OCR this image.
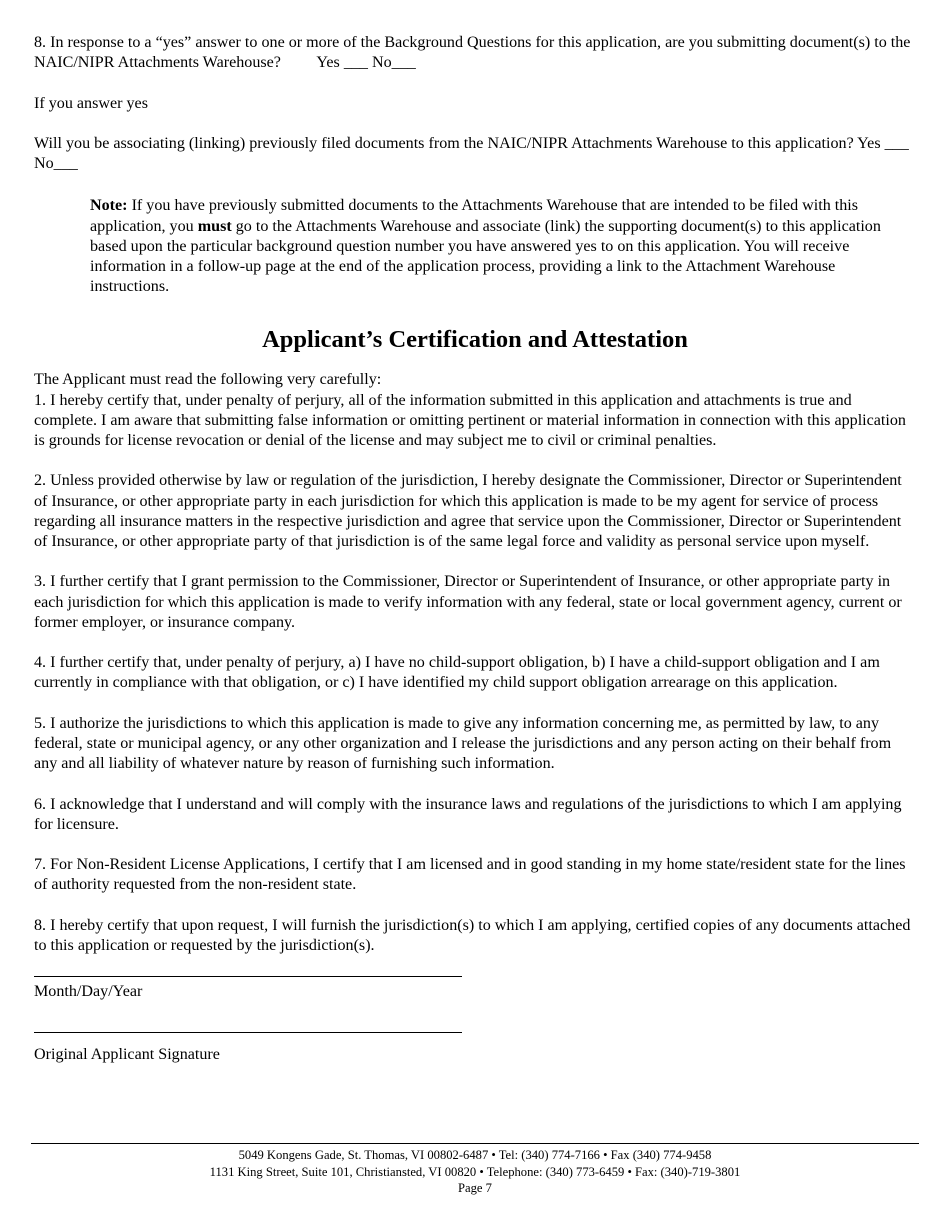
8. In response to a “yes” answer to one or more of the Background Questions for this application, are you submitting document(s) to the NAIC/NIPR Attachments Warehouse? Yes ___ No___

If you answer yes

Will you be associating (linking) previously filed documents from the NAIC/NIPR Attachments Warehouse to this application? Yes ___ No___

Note: If you have previously submitted documents to the Attachments Warehouse that are intended to be filed with this application, you must go to the Attachments Warehouse and associate (link) the supporting document(s) to this application based upon the particular background question number you have answered yes to on this application. You will receive information in a follow-up page at the end of the application process, providing a link to the Attachment Warehouse instructions.

Applicant’s Certification and Attestation

The Applicant must read the following very carefully:

1. I hereby certify that, under penalty of perjury, all of the information submitted in this application and attachments is true and complete. I am aware that submitting false information or omitting pertinent or material information in connection with this application is grounds for license revocation or denial of the license and may subject me to civil or criminal penalties.

2. Unless provided otherwise by law or regulation of the jurisdiction, I hereby designate the Commissioner, Director or Superintendent of Insurance, or other appropriate party in each jurisdiction for which this application is made to be my agent for service of process regarding all insurance matters in the respective jurisdiction and agree that service upon the Commissioner, Director or Superintendent of Insurance, or other appropriate party of that jurisdiction is of the same legal force and validity as personal service upon myself.

3. I further certify that I grant permission to the Commissioner, Director or Superintendent of Insurance, or other appropriate party in each jurisdiction for which this application is made to verify information with any federal, state or local government agency, current or former employer, or insurance company.

4. I further certify that, under penalty of perjury, a) I have no child-support obligation, b) I have a child-support obligation and I am currently in compliance with that obligation, or c) I have identified my child support obligation arrearage on this application.

5. I authorize the jurisdictions to which this application is made to give any information concerning me, as permitted by law, to any federal, state or municipal agency, or any other organization and I release the jurisdictions and any person acting on their behalf from any and all liability of whatever nature by reason of furnishing such information.

6. I acknowledge that I understand and will comply with the insurance laws and regulations of the jurisdictions to which I am applying for licensure.

7. For Non-Resident License Applications, I certify that I am licensed and in good standing in my home state/resident state for the lines of authority requested from the non-resident state.

8. I hereby certify that upon request, I will furnish the jurisdiction(s) to which I am applying, certified copies of any documents attached to this application or requested by the jurisdiction(s).

Month/Day/Year

Original Applicant Signature

5049 Kongens Gade, St. Thomas, VI 00802-6487 • Tel: (340) 774-7166 • Fax (340) 774-9458
1131 King Street, Suite 101, Christiansted, VI 00820 • Telephone: (340) 773-6459 • Fax: (340)-719-3801
Page 7
